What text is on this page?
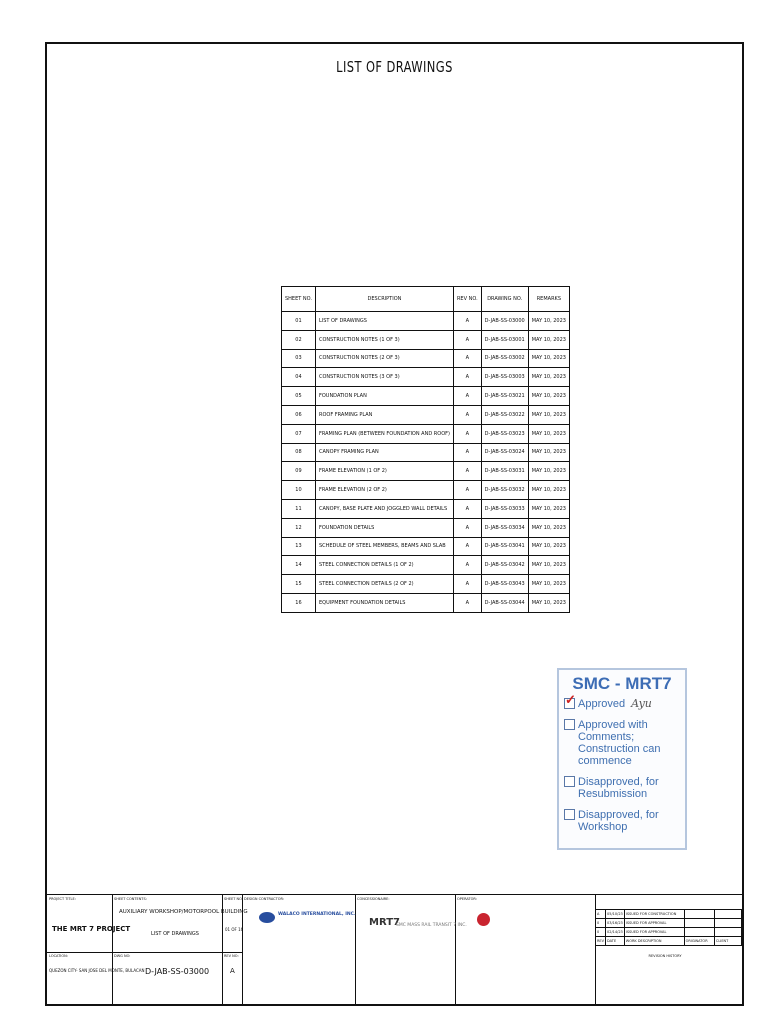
LIST OF DRAWINGS
SHEET NO.	DESCRIPTION	REV NO.	DRAWING NO.	REMARKS
01	LIST OF DRAWINGS	A	D-JAB-SS-03000	MAY 10, 2023
02	CONSTRUCTION NOTES (1 OF 3)	A	D-JAB-SS-03001	MAY 10, 2023
03	CONSTRUCTION NOTES (2 OF 3)	A	D-JAB-SS-03002	MAY 10, 2023
04	CONSTRUCTION NOTES (3 OF 3)	A	D-JAB-SS-03003	MAY 10, 2023
05	FOUNDATION PLAN	A	D-JAB-SS-03021	MAY 10, 2023
06	ROOF FRAMING PLAN	A	D-JAB-SS-03022	MAY 10, 2023
07	FRAMING PLAN (BETWEEN FOUNDATION AND ROOF)	A	D-JAB-SS-03023	MAY 10, 2023
08	CANOPY FRAMING PLAN	A	D-JAB-SS-03024	MAY 10, 2023
09	FRAME ELEVATION (1 OF 2)	A	D-JAB-SS-03031	MAY 10, 2023
10	FRAME ELEVATION (2 OF 2)	A	D-JAB-SS-03032	MAY 10, 2023
11	CANOPY, BASE PLATE AND JOGGLED WALL DETAILS	A	D-JAB-SS-03033	MAY 10, 2023
12	FOUNDATION DETAILS	A	D-JAB-SS-03034	MAY 10, 2023
13	SCHEDULE OF STEEL MEMBERS, BEAMS AND SLAB	A	D-JAB-SS-03041	MAY 10, 2023
14	STEEL CONNECTION DETAILS (1 OF 2)	A	D-JAB-SS-03042	MAY 10, 2023
15	STEEL CONNECTION DETAILS (2 OF 2)	A	D-JAB-SS-03043	MAY 10, 2023
16	EQUIPMENT FOUNDATION DETAILS	A	D-JAB-SS-03044	MAY 10, 2023
SMC - MRT7
✓ Approved Ayu
Approved with Comments; Construction can commence
Disapproved, for Resubmission
Disapproved, for Workshop
PROJECT TITLE:
THE MRT 7 PROJECT
SHEET CONTENTS:
AUXILIARY WORKSHOP/MOTORPOOL BUILDING
LIST OF DRAWINGS
SHEET NO:
01 OF 16
LOCATION:
QUEZON CITY- SAN JOSE DEL MONTE, BULACAN
DWG NO:
D-JAB-SS-03000
REV NO:
A
DESIGN CONTRACTOR:
WALACO INTERNATIONAL, INC.
CONCESSIONAIRE:
MRT7
SMC MASS RAIL TRANSIT 7 INC.
OPERATOR:
A	05/10/23	ISSUED FOR CONSTRUCTION		
0	03/16/23	ISSUED FOR APPROVAL		
0	02/14/23	ISSUED FOR APPROVAL		
REV	DATE	WORK DESCRIPTION	ORIGINATOR	CLIENT
REVISION HISTORY
